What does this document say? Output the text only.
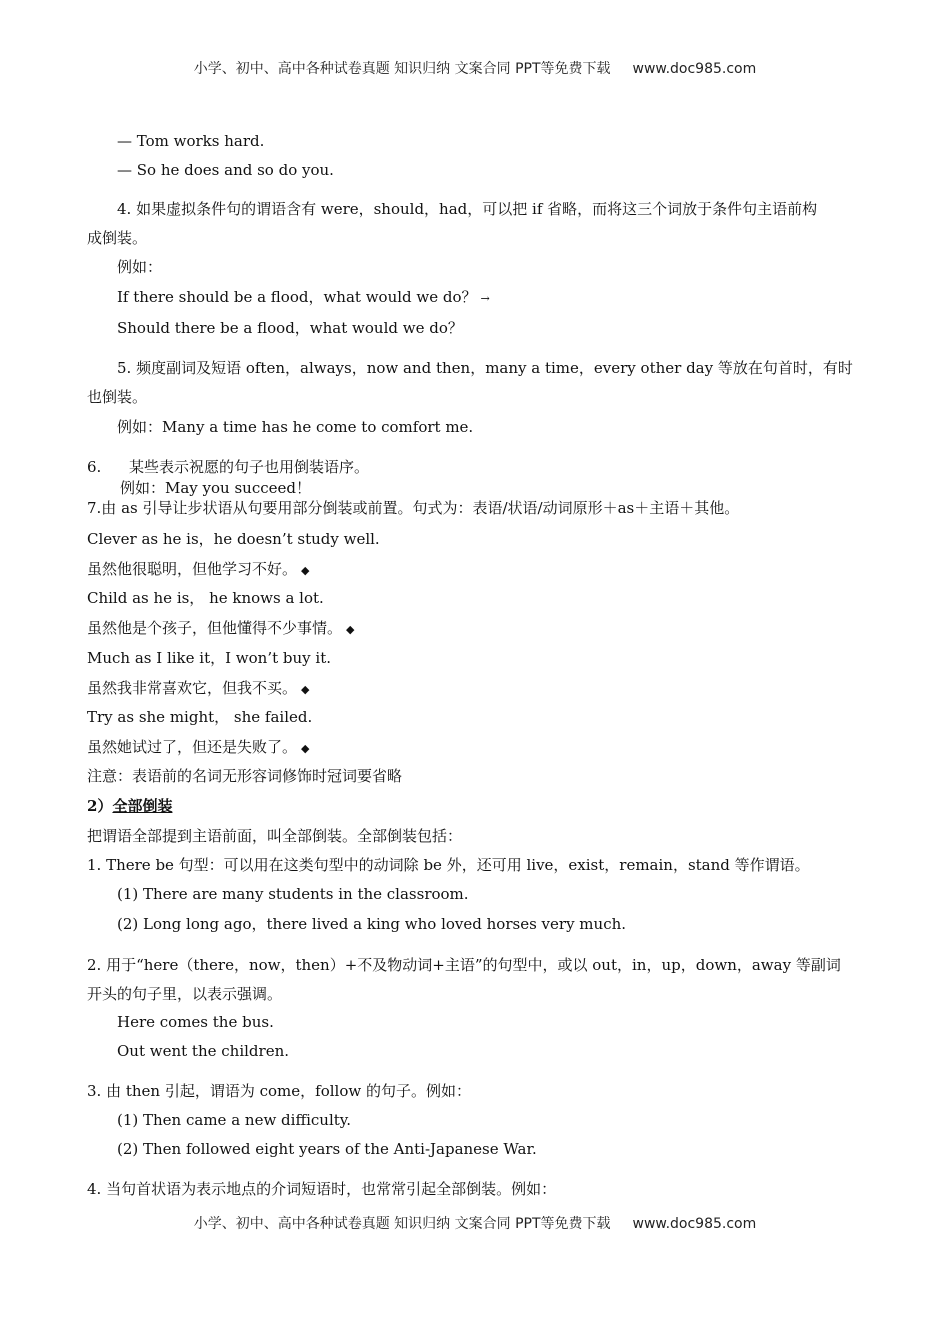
小学、初中、高中各种试卷真题 知识归纳 文案合同 PPT等免费下载 www.doc985.com
— Tom works hard.
— So he does and so do you.
4. 如果虚拟条件句的谓语含有 were，should，had，可以把 if 省略，而将这三个词放于条件句主语前构
成倒装。
例如：
If there should be a flood，what would we do？ →
Should there be a flood，what would we do？
5. 频度副词及短语 often，always，now and then，many a time，every other day 等放在句首时，有时
也倒装。
例如：Many a time has he come to comfort me.
6. 某些表示祝愿的句子也用倒装语序。
例如：May you succeed！
7.由 as 引导让步状语从句要用部分倒装或前置。句式为：表语/状语/动词原形＋as＋主语＋其他。
Clever as he is，he doesn’t study well.
虽然他很聪明，但他学习不好。 ◆
Child as he is， he knows a lot.
虽然他是个孩子，但他懂得不少事情。 ◆
Much as I like it，I won’t buy it.
虽然我非常喜欢它，但我不买。 ◆
Try as she might， she failed.
虽然她试过了，但还是失败了。 ◆
注意：表语前的名词无形容词修饰时冠词要省略
2）全部倒装
把谓语全部提到主语前面，叫全部倒装。全部倒装包括：
1. There be 句型：可以用在这类句型中的动词除 be 外，还可用 live，exist，remain，stand 等作谓语。
(1) There are many students in the classroom.
(2) Long long ago，there lived a king who loved horses very much.
2. 用于“here（there，now，then）+不及物动词+主语”的句型中，或以 out，in，up，down，away 等副词
开头的句子里，以表示强调。
Here comes the bus.
Out went the children.
3. 由 then 引起，谓语为 come，follow 的句子。例如：
(1) Then came a new difficulty.
(2) Then followed eight years of the Anti-Japanese War.
4. 当句首状语为表示地点的介词短语时，也常常引起全部倒装。例如：
小学、初中、高中各种试卷真题 知识归纳 文案合同 PPT等免费下载 www.doc985.com
